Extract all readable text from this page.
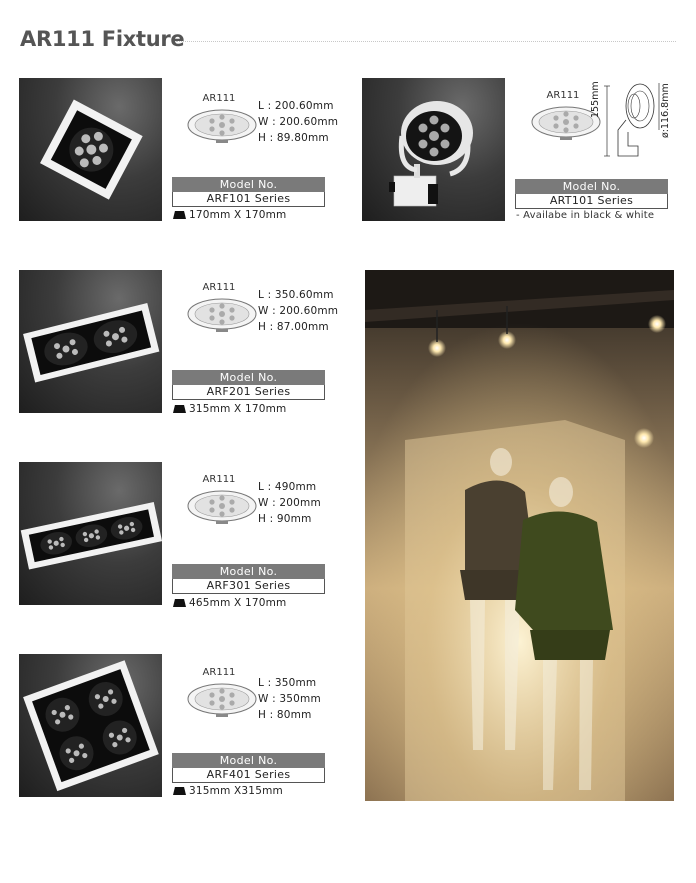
AR111 Fixture
AR111
L : 200.60mm
W : 200.60mm
H : 89.80mm
Model No.
ARF101 Series
170mm X 170mm
AR111	155mm	ø:116.8mm
Model No.
ART101 Series
- Availabe in black & white
AR111
L : 350.60mm
W : 200.60mm
H : 87.00mm
Model No.
ARF201 Series
315mm X 170mm
AR111
L : 490mm
W : 200mm
H : 90mm
Model No.
ARF301 Series
465mm X 170mm
AR111
L : 350mm
W : 350mm
H : 80mm
Model No.
ARF401 Series
315mm X315mm
